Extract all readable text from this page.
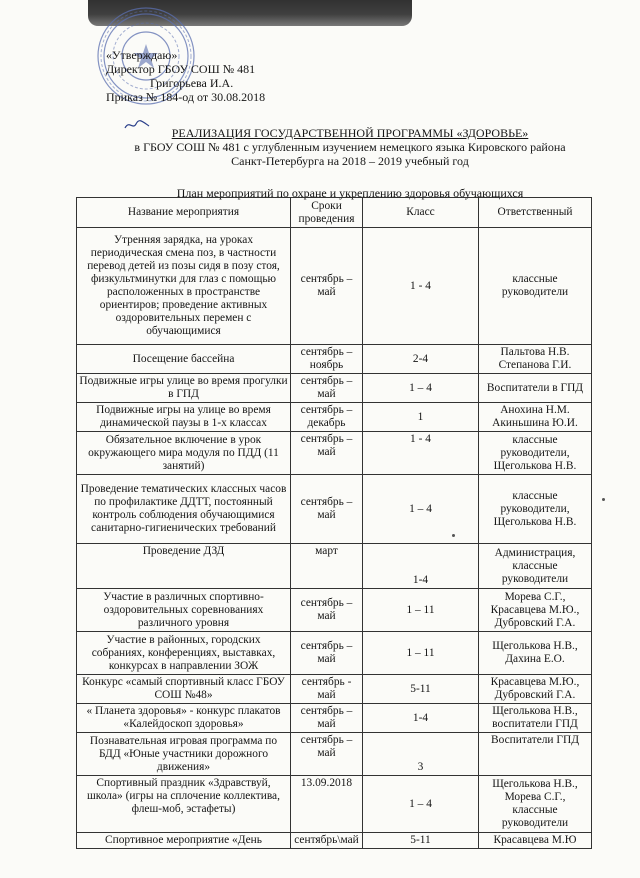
«Утверждаю»
Директор ГБОУ СОШ № 481
Григорьева И.А.
Приказ № 184-од от 30.08.2018
РЕАЛИЗАЦИЯ ГОСУДАРСТВЕННОЙ ПРОГРАММЫ «ЗДОРОВЬЕ»
в ГБОУ СОШ № 481 с углубленным изучением немецкого языка Кировского района
Санкт-Петербурга на 2018 – 2019 учебный год
План мероприятий по охране и укреплению здоровья обучающихся
Название мероприятия	Сроки проведения	Класс	Ответственный
Утренняя зарядка, на уроках периодическая смена поз, в частности перевод детей из позы сидя в позу стоя, физкультминутки для глаз с помощью расположенных в пространстве ориентиров; проведение активных оздоровительных перемен с обучающимися	сентябрь – май	1 - 4	классные руководители
Посещение бассейна	сентябрь – ноябрь	2-4	Пальтова Н.В. Степанова Г.И.
Подвижные игры улице во время прогулки в ГПД	сентябрь – май	1 – 4	Воспитатели в ГПД
Подвижные игры на улице во время динамической паузы в 1-х классах	сентябрь – декабрь	1	Анохина Н.М. Акиньшина Ю.И.
Обязательное включение в урок окружающего мира модуля по ПДД (11 занятий)	сентябрь – май	1 - 4	классные руководители, Щеголькова Н.В.
Проведение тематических классных часов по профилактике ДДТТ, постоянный контроль соблюдения обучающимися санитарно-гигиенических требований	сентябрь – май	1 – 4	классные руководители, Щеголькова Н.В.
Проведение ДЗД	март	1-4	Администрация, классные руководители
Участие в различных спортивно-оздоровительных соревнованиях различного уровня	сентябрь – май	1 – 11	Морева С.Г., Красавцева М.Ю., Дубровский Г.А.
Участие в районных, городских собраниях, конференциях, выставках, конкурсах в направлении ЗОЖ	сентябрь – май	1 – 11	Щеголькова Н.В., Дахина Е.О.
Конкурс «самый спортивный класс ГБОУ СОШ №48»	сентябрь - май	5-11	Красавцева М.Ю., Дубровский Г.А.
« Планета здоровья» - конкурс плакатов «Калейдоскоп здоровья»	сентябрь – май	1-4	Щеголькова Н.В., воспитатели ГПД
Познавательная игровая программа по БДД «Юные участники дорожного движения»	сентябрь – май	3	Воспитатели ГПД
Спортивный праздник «Здравствуй, школа» (игры на сплочение коллектива, флеш-моб, эстафеты)	13.09.2018	1 – 4	Щеголькова Н.В., Морева С.Г., классные руководители
Спортивное мероприятие «День	сентябрь\май	5-11	Красавцева М.Ю
